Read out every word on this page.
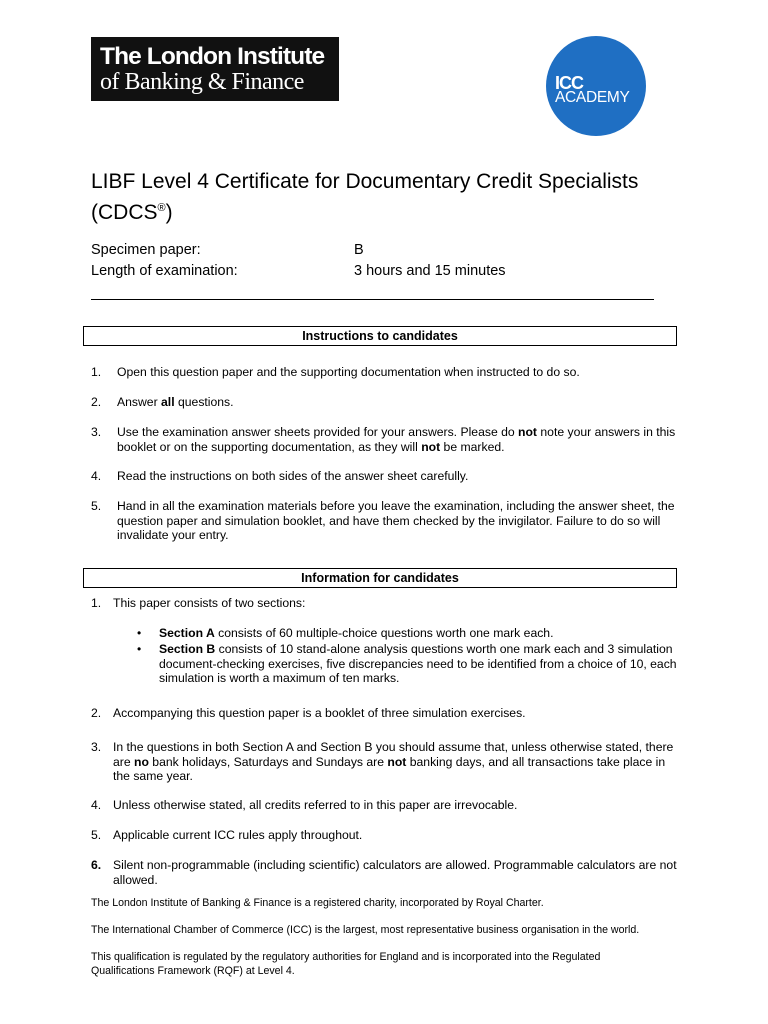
The London Institute
of Banking & Finance	ICC
ACADEMY
LIBF Level 4 Certificate for Documentary Credit Specialists (CDCS®)
Specimen paper:	B
Length of examination:	3 hours and 15 minutes
Instructions to candidates
1. Open this question paper and the supporting documentation when instructed to do so.
2. Answer all questions.
3. Use the examination answer sheets provided for your answers. Please do not note your answers in this booklet or on the supporting documentation, as they will not be marked.
4. Read the instructions on both sides of the answer sheet carefully.
5. Hand in all the examination materials before you leave the examination, including the answer sheet, the question paper and simulation booklet, and have them checked by the invigilator. Failure to do so will invalidate your entry.
Information for candidates
1. This paper consists of two sections:
• Section A consists of 60 multiple-choice questions worth one mark each.
• Section B consists of 10 stand-alone analysis questions worth one mark each and 3 simulation document-checking exercises, five discrepancies need to be identified from a choice of 10, each simulation is worth a maximum of ten marks.
2. Accompanying this question paper is a booklet of three simulation exercises.
3. In the questions in both Section A and Section B you should assume that, unless otherwise stated, there are no bank holidays, Saturdays and Sundays are not banking days, and all transactions take place in the same year.
4. Unless otherwise stated, all credits referred to in this paper are irrevocable.
5. Applicable current ICC rules apply throughout.
6. Silent non-programmable (including scientific) calculators are allowed. Programmable calculators are not allowed.
The London Institute of Banking & Finance is a registered charity, incorporated by Royal Charter.
The International Chamber of Commerce (ICC) is the largest, most representative business organisation in the world.
This qualification is regulated by the regulatory authorities for England and is incorporated into the Regulated Qualifications Framework (RQF) at Level 4.
